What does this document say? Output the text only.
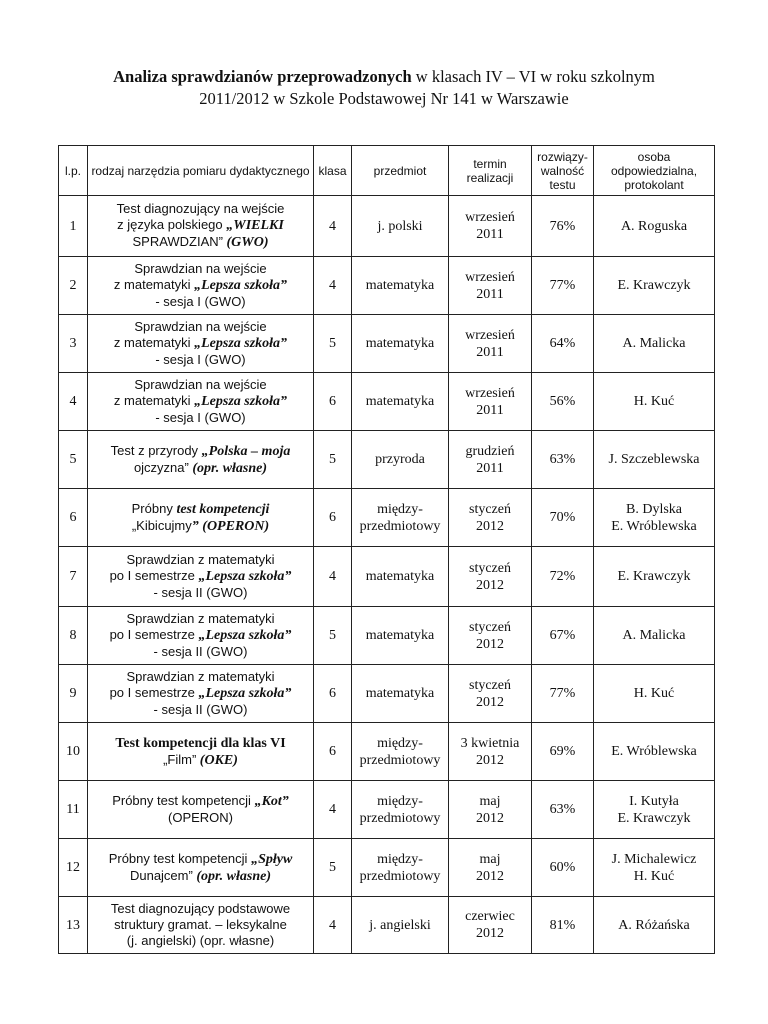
Analiza sprawdzianów przeprowadzonych w klasach IV – VI w roku szkolnym
2011/2012 w Szkole Podstawowej Nr 141 w Warszawie
l.p.	rodzaj narzędzia pomiaru dydaktycznego	klasa	przedmiot	termin realizacji	rozwiązy-
walność
testu	osoba odpowiedzialna, protokolant
1	Test diagnozujący na wejście
z języka polskiego „WIELKI
SPRAWDZIAN” (GWO)	4	j. polski	wrzesień
2011	76%	A. Roguska

2	Sprawdzian na wejście
z matematyki „Lepsza szkoła”
- sesja I (GWO)	4	matematyka	wrzesień
2011	77%	E. Krawczyk

3	Sprawdzian na wejście
z matematyki „Lepsza szkoła”
- sesja I (GWO)	5	matematyka	wrzesień
2011	64%	A. Malicka

4	Sprawdzian na wejście
z matematyki „Lepsza szkoła”
- sesja I (GWO)	6	matematyka	wrzesień
2011	56%	H. Kuć

5	Test z przyrody „Polska – moja
ojczyzna” (opr. własne)	5	przyroda	grudzień
2011	63%	J. Szczeblewska

6	Próbny test kompetencji
„Kibicujmy” (OPERON)	6	między-
przedmiotowy	styczeń
2012	70%	B. Dylska
E. Wróblewska

7	Sprawdzian z matematyki
po I semestrze „Lepsza szkoła”
- sesja II (GWO)	4	matematyka	styczeń
2012	72%	E. Krawczyk

8	Sprawdzian z matematyki
po I semestrze „Lepsza szkoła”
- sesja II (GWO)	5	matematyka	styczeń
2012	67%	A. Malicka

9	Sprawdzian z matematyki
po I semestrze „Lepsza szkoła”
- sesja II (GWO)	6	matematyka	styczeń
2012	77%	H. Kuć

10	Test kompetencji dla klas VI
„Film” (OKE)	6	między-
przedmiotowy	3 kwietnia
2012	69%	E. Wróblewska

11	Próbny test kompetencji „Kot”
(OPERON)	4	między-
przedmiotowy	maj
2012	63%	I. Kutyła
E. Krawczyk

12	Próbny test kompetencji „Spływ
Dunajcem” (opr. własne)	5	między-
przedmiotowy	maj
2012	60%	J. Michalewicz
H. Kuć

13	Test diagnozujący podstawowe
struktury gramat. – leksykalne
(j. angielski) (opr. własne)	4	j. angielski	czerwiec
2012	81%	A. Różańska
